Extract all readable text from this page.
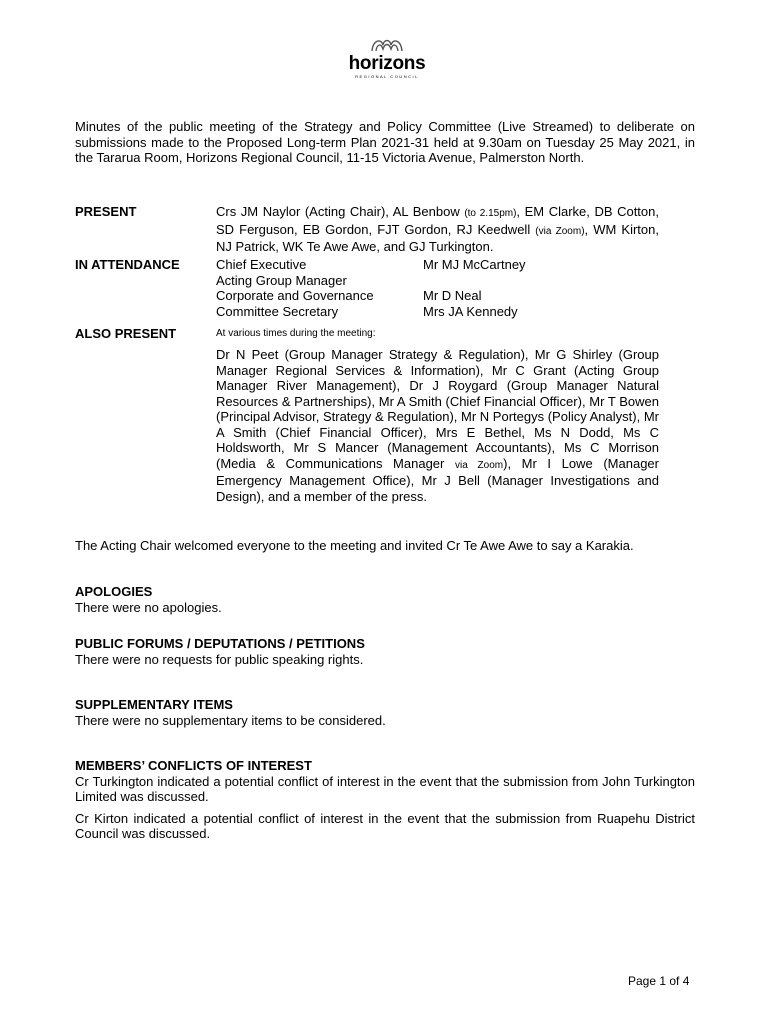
horizons
REGIONAL COUNCIL
Minutes of the public meeting of the Strategy and Policy Committee (Live Streamed) to deliberate on submissions made to the Proposed Long-term Plan 2021-31 held at 9.30am on Tuesday 25 May 2021, in the Tararua Room, Horizons Regional Council, 11-15 Victoria Avenue, Palmerston North.
PRESENT	Crs JM Naylor (Acting Chair), AL Benbow (to 2.15pm), EM Clarke, DB Cotton, SD Ferguson, EB Gordon, FJT Gordon, RJ Keedwell (via Zoom), WM Kirton, NJ Patrick, WK Te Awe Awe, and GJ Turkington.
IN ATTENDANCE	Chief Executive	Mr MJ McCartney
Acting Group Manager	
Corporate and Governance	Mr D Neal
Committee Secretary	Mrs JA Kennedy
ALSO PRESENT	At various times during the meeting:
Dr N Peet (Group Manager Strategy & Regulation), Mr G Shirley (Group Manager Regional Services & Information), Mr C Grant (Acting Group Manager River Management), Dr J Roygard (Group Manager Natural Resources & Partnerships), Mr A Smith (Chief Financial Officer), Mr T Bowen (Principal Advisor, Strategy & Regulation), Mr N Portegys (Policy Analyst), Mr A Smith (Chief Financial Officer), Mrs E Bethel, Ms N Dodd, Ms C Holdsworth, Mr S Mancer (Management Accountants), Ms C Morrison (Media & Communications Manager via Zoom), Mr I Lowe (Manager Emergency Management Office), Mr J Bell (Manager Investigations and Design), and a member of the press.
The Acting Chair welcomed everyone to the meeting and invited Cr Te Awe Awe to say a Karakia.
APOLOGIES
There were no apologies.
PUBLIC FORUMS / DEPUTATIONS / PETITIONS
There were no requests for public speaking rights.
SUPPLEMENTARY ITEMS
There were no supplementary items to be considered.
MEMBERS’ CONFLICTS OF INTEREST
Cr Turkington indicated a potential conflict of interest in the event that the submission from John Turkington Limited was discussed.
Cr Kirton indicated a potential conflict of interest in the event that the submission from Ruapehu District Council was discussed.
Page 1 of 4
